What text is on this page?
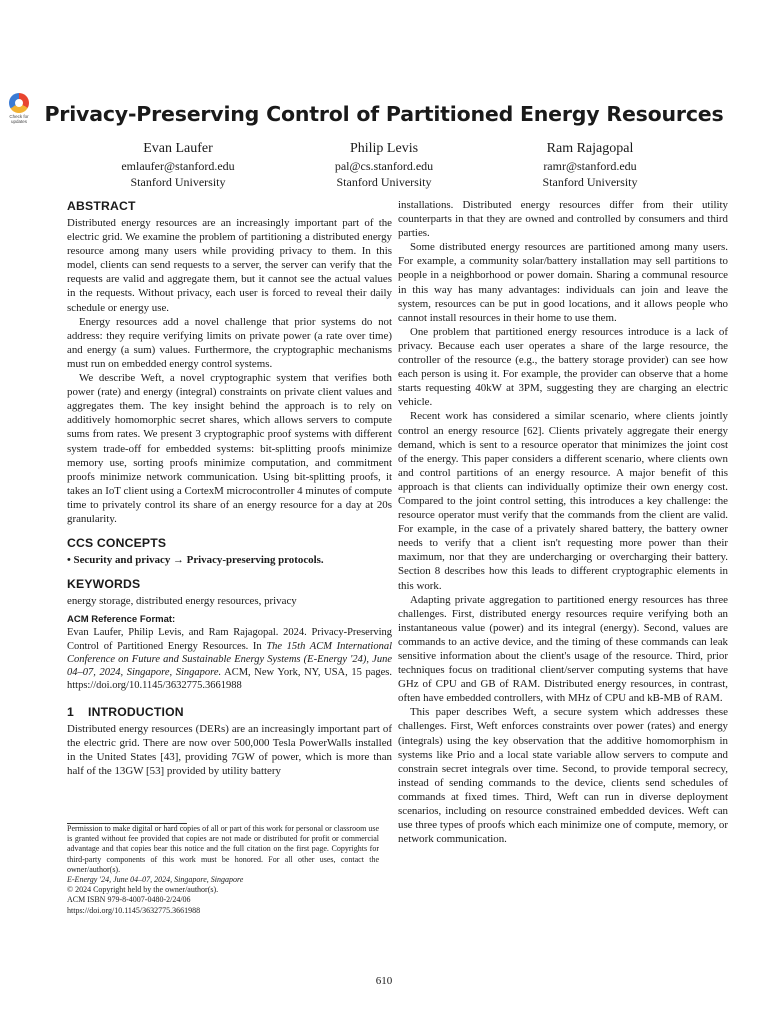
Check for
updates Privacy-Preserving Control of Partitioned Energy Resources
Evan Laufer
emlaufer@stanford.edu
Stanford University
Philip Levis
pal@cs.stanford.edu
Stanford University
Ram Rajagopal
ramr@stanford.edu
Stanford University
ABSTRACT

Distributed energy resources are an increasingly important part of the electric grid. We examine the problem of partitioning a distributed energy resource among many users while providing privacy to them. In this model, clients can send requests to a server, the server can verify that the requests are valid and aggregate them, but it cannot see the actual values in the requests. Without privacy, each user is forced to reveal their daily schedule or energy use.

Energy resources add a novel challenge that prior systems do not address: they require verifying limits on private power (a rate over time) and energy (a sum) values. Furthermore, the cryptographic mechanisms must run on embedded energy control systems.

We describe Weft, a novel cryptographic system that verifies both power (rate) and energy (integral) constraints on private client values and aggregates them. The key insight behind the approach is to rely on additively homomorphic secret shares, which allows servers to compute sums from rates. We present 3 cryptographic proof systems with different system trade-off for embedded systems: bit-splitting proofs minimize memory use, sorting proofs minimize computation, and commitment proofs minimize network communication. Using bit-splitting proofs, it takes an IoT client using a CortexM microcontroller 4 minutes of compute time to privately control its share of an energy resource for a day at 20s granularity.

CCS CONCEPTS

• Security and privacy → Privacy-preserving protocols.

KEYWORDS

energy storage, distributed energy resources, privacy

ACM Reference Format:
Evan Laufer, Philip Levis, and Ram Rajagopal. 2024. Privacy-Preserving Control of Partitioned Energy Resources. In The 15th ACM International Conference on Future and Sustainable Energy Systems (E-Energy '24), June 04–07, 2024, Singapore, Singapore. ACM, New York, NY, USA, 15 pages. https://doi.org/10.1145/3632775.3661988
1 INTRODUCTION

Distributed energy resources (DERs) are an increasingly important part of the electric grid. There are now over 500,000 Tesla PowerWalls installed in the United States [43], providing 7GW of power, which is more than half of the 13GW [53] provided by utility battery

Permission to make digital or hard copies of all or part of this work for personal or classroom use is granted without fee provided that copies are not made or distributed for profit or commercial advantage and that copies bear this notice and the full citation on the first page. Copyrights for third-party components of this work must be honored. For all other uses, contact the owner/author(s).

E-Energy '24, June 04–07, 2024, Singapore, Singapore

© 2024 Copyright held by the owner/author(s).

ACM ISBN 979-8-4007-0480-2/24/06

https://doi.org/10.1145/3632775.3661988

installations. Distributed energy resources differ from their utility counterparts in that they are owned and controlled by consumers and third parties.

Some distributed energy resources are partitioned among many users. For example, a community solar/battery installation may sell partitions to people in a neighborhood or power domain. Sharing a communal resource in this way has many advantages: individuals can join and leave the system, resources can be put in good locations, and it allows people who cannot install resources in their home to use them.

One problem that partitioned energy resources introduce is a lack of privacy. Because each user operates a share of the large resource, the controller of the resource (e.g., the battery storage provider) can see how each person is using it. For example, the provider can observe that a home starts requesting 40kW at 3PM, suggesting they are charging an electric vehicle.

Recent work has considered a similar scenario, where clients jointly control an energy resource [62]. Clients privately aggregate their energy demand, which is sent to a resource operator that minimizes the joint cost of the energy. This paper considers a different scenario, where clients own and control partitions of an energy resource. A major benefit of this approach is that clients can individually optimize their own energy cost. Compared to the joint control setting, this introduces a key challenge: the resource operator must verify that the commands from the client are valid. For example, in the case of a privately shared battery, the battery owner needs to verify that a client isn't requesting more power than their maximum, nor that they are undercharging or overcharging their battery. Section 8 describes how this leads to different cryptographic elements in this work.

Adapting private aggregation to partitioned energy resources has three challenges. First, distributed energy resources require verifying both an instantaneous value (power) and its integral (energy). Second, values are commands to an active device, and the timing of these commands can leak sensitive information about the client's usage of the resource. Third, prior techniques focus on traditional client/server computing systems that have GHz of CPU and GB of RAM. Distributed energy resources, in contrast, often have embedded controllers, with MHz of CPU and kB-MB of RAM.

This paper describes Weft, a secure system which addresses these challenges. First, Weft enforces constraints over power (rates) and energy (integrals) using the key observation that the additive homomorphism in systems like Prio and a local state variable allow servers to compute and constrain secret integrals over time. Second, to provide temporal secrecy, instead of sending commands to the device, clients send schedules of commands at fixed times. Third, Weft can run in diverse deployment scenarios, including on resource constrained embedded devices. Weft can use three types of proofs which each minimize one of compute, memory, or network communication.

610
